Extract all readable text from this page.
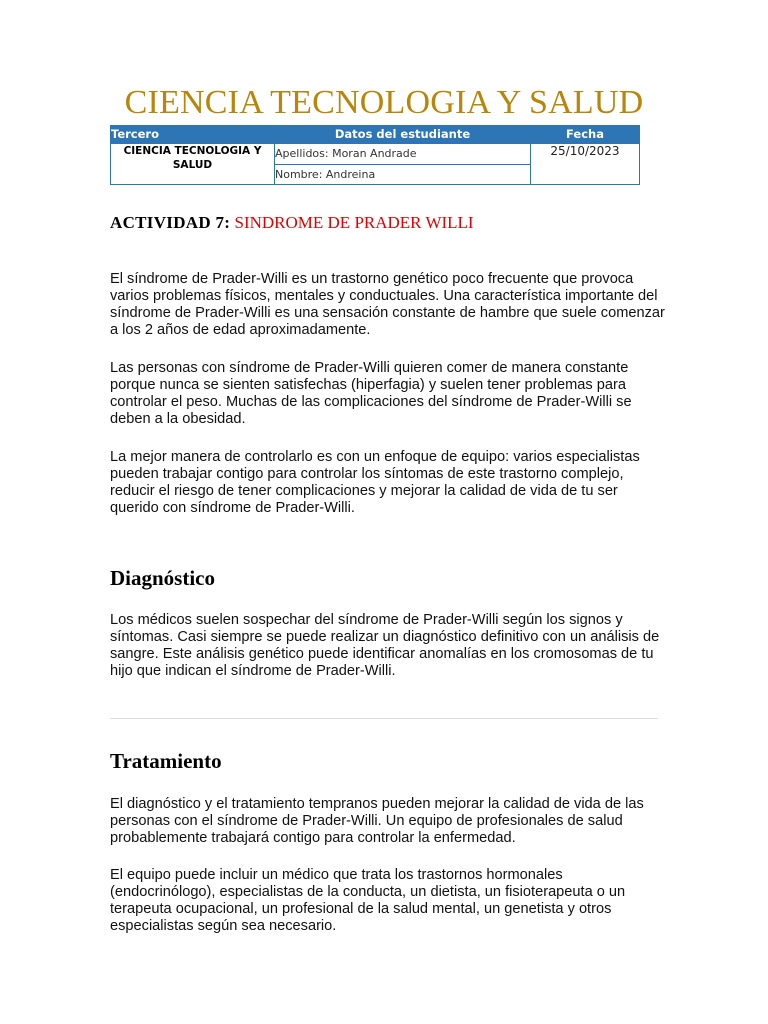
CIENCIA TECNOLOGIA Y SALUD
Tercero	Datos del estudiante	Fecha
CIENCIA TECNOLOGIA Y SALUD	Apellidos: Moran Andrade	25/10/2023
	Nombre: Andreina	
ACTIVIDAD 7: SINDROME DE PRADER WILLI

El síndrome de Prader-Willi es un trastorno genético poco frecuente que provoca varios problemas físicos, mentales y conductuales. Una característica importante del síndrome de Prader-Willi es una sensación constante de hambre que suele comenzar a los 2 años de edad aproximadamente.

Las personas con síndrome de Prader-Willi quieren comer de manera constante porque nunca se sienten satisfechas (hiperfagia) y suelen tener problemas para controlar el peso. Muchas de las complicaciones del síndrome de Prader-Willi se deben a la obesidad.

La mejor manera de controlarlo es con un enfoque de equipo: varios especialistas pueden trabajar contigo para controlar los síntomas de este trastorno complejo, reducir el riesgo de tener complicaciones y mejorar la calidad de vida de tu ser querido con síndrome de Prader-Willi.

Diagnóstico

Los médicos suelen sospechar del síndrome de Prader-Willi según los signos y síntomas. Casi siempre se puede realizar un diagnóstico definitivo con un análisis de sangre. Este análisis genético puede identificar anomalías en los cromosomas de tu hijo que indican el síndrome de Prader-Willi.

Tratamiento

El diagnóstico y el tratamiento tempranos pueden mejorar la calidad de vida de las personas con el síndrome de Prader-Willi. Un equipo de profesionales de salud probablemente trabajará contigo para controlar la enfermedad.

El equipo puede incluir un médico que trata los trastornos hormonales (endocrinólogo), especialistas de la conducta, un dietista, un fisioterapeuta o un terapeuta ocupacional, un profesional de la salud mental, un genetista y otros especialistas según sea necesario.
